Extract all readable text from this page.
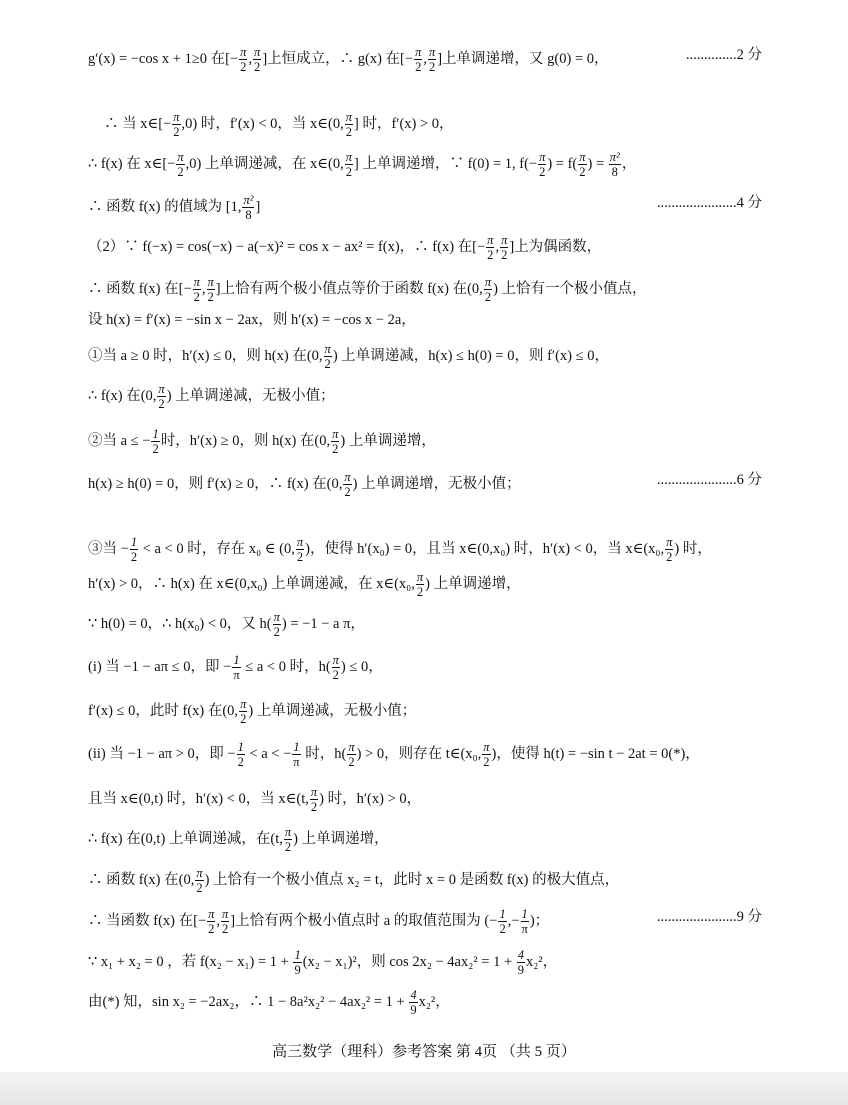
g′(x) = −cos x + 1≥0 在[− $\frac{\pi}{2}$ , $\frac{\pi}{2}$ ]上恒成立，∴ g(x) 在[− $\frac{\pi}{2}$ , $\frac{\pi}{2}$ ]上单调递增，又 g(0) = 0，	..............2 分
∴ 当 x∈[− $\frac{\pi}{2} ,0$) 时，f′(x) < 0，当 x∈(0, $\frac{\pi}{2}$ ] 时，f′(x) > 0，
∴ f(x) 在 x∈[− $\frac{\pi}{2} ,0$) 上单调递减，在 x∈(0, $\frac{\pi}{2}$ ] 上单调递增，∵ f(0) = 1, $f(- \frac{\pi}{2}$ ) = $f( \frac{\pi}{2}$ ) = $\frac{\text{π²}}{8}$ ，
∴ 函数 f(x) 的值域为 [1, $\frac{\text{π²}}{8}$ ]	......................4 分
（2）∵ f(−x) = cos(−x) − a(−x)² = cos x − ax² = f(x)，∴ f(x) 在[− $\frac{\pi}{2}$ , $\frac{\pi}{2}$ ]上为偶函数，
∴ 函数 f(x) 在[− $\frac{\pi}{2}$ , $\frac{\pi}{2}$ ]上恰有两个极小值点等价于函数 f(x) 在(0, $\frac{\pi}{2}$ ) 上恰有一个极小值点，
设 h(x) = f′(x) = −sin x − 2ax，则 h′(x) = −cos x − 2a，
①当 a ≥ 0 时，h′(x) ≤ 0，则 h(x) 在(0, $\frac{\pi}{2}$ ) 上单调递减，h(x) ≤ h(0) = 0，则 f′(x) ≤ 0，
∴ f(x) 在(0, $\frac{\pi}{2}$ ) 上单调递减，无极小值；
②当 a ≤ − $\frac{1}{2}$ 时，h′(x) ≥ 0，则 h(x) 在(0, $\frac{\pi}{2}$ ) 上单调递增，
h(x) ≥ h(0) = 0，则 f′(x) ≥ 0，∴ f(x) 在(0, $\frac{\pi}{2}$ ) 上单调递增，无极小值；	......................6 分
③当 − $\frac{1}{2} < a < 0$ 时，存在 x₀ ∈ (0, $\frac{\pi}{2}$ )，使得 h′(x₀) = 0，且当 x∈(0,x₀) 时，h′(x) < 0，当 x∈(x₀, $\frac{\pi}{2}$ ) 时，
h′(x) > 0，∴ h(x) 在 x∈(0,x₀) 上单调递减，在 x∈(x₀, $\frac{\pi}{2}$ ) 上单调递增，
∵ h(0) = 0，∴ h(x₀) < 0，又 $h( \frac{\pi}{2}$ ) = −1 − a π，
(i) 当 −1 − aπ ≤ 0，即 − $\frac{1}{\pi} \le a < 0$ 时，$h( \frac{\pi}{2}$ ) ≤ 0，
f′(x) ≤ 0，此时 f(x) 在(0, $\frac{\pi}{2}$ ) 上单调递减，无极小值；
(ii) 当 −1 − aπ > 0，即 − $\frac{1}{2} < a$ < − $\frac{1}{\pi}$ 时，$h( \frac{\pi}{2}$ ) > 0，则存在 t∈(x₀, $\frac{\pi}{2}$ )，使得 h(t) = −sin t − 2at = 0(*)，
且当 x∈(0,t) 时，h′(x) < 0，当 x∈(t, $\frac{\pi}{2}$ ) 时，h′(x) > 0，
∴ f(x) 在(0,t) 上单调递减，在(t, $\frac{\pi}{2}$ ) 上单调递增，
∴ 函数 f(x) 在(0, $\frac{\pi}{2}$ ) 上恰有一个极小值点 x₂ = t，此时 x = 0 是函数 f(x) 的极大值点，
∴ 当函数 f(x) 在[− $\frac{\pi}{2}$ , $\frac{\pi}{2}$ ]上恰有两个极小值点时 a 的取值范围为 (− $\frac{1}{2}$ ,− $\frac{1}{\pi}$ )；	......................9 分
∵ x₁ + x₂ = 0 ，若 $f(x_2 - x_1) = 1 + \frac{1}{9} (x_2 - x_1)^2$，则 $\cos 2x_2 - 4ax_2^2 = 1 + \frac{4}{9} x_2^2$，
由(*) 知，sin x₂ = −2ax₂，∴ $1 - 8a^2x_2^2 - 4ax_2^2 = 1 + \frac{4}{9} x_2^2$，
高三数学（理科）参考答案 第 4页 （共 5 页）
